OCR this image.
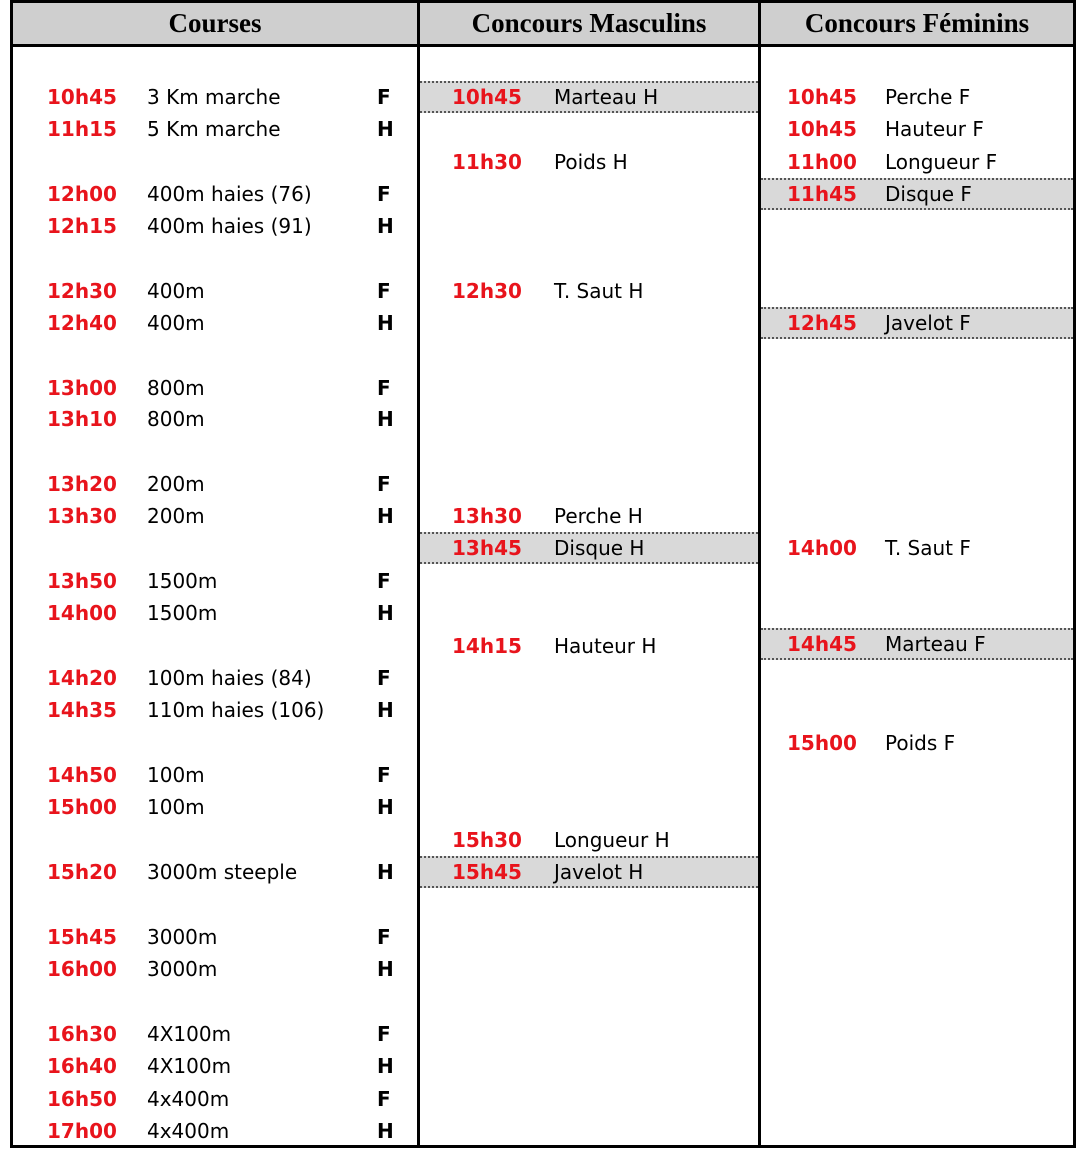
Courses
10h45 3 Km marche	F
11h15 5 Km marche	H
12h00 400m haies (76)	F
12h15 400m haies (91)	H
12h30 400m	F
12h40 400m	H
13h00 800m	F
13h10 800m	H
13h20 200m	F
13h30 200m	H
13h50 1500m	F
14h00 1500m	H
14h20 100m haies (84)	F
14h35 110m haies (106)	H
14h50 100m	F
15h00 100m	H
15h20 3000m steeple	H
15h45 3000m	F
16h00 3000m	H
16h30 4X100m	F
16h40 4X100m	H
16h50 4x400m	F
17h00 4x400m	H
Concours Masculins
10h45 Marteau H
11h30 Poids H
12h30 T. Saut H
13h30 Perche H
13h45 Disque H
14h15 Hauteur H
15h30 Longueur H
15h45 Javelot H
Concours Féminins
10h45 Perche F
10h45 Hauteur F
11h00 Longueur F
11h45 Disque F
12h45 Javelot F
14h00 T. Saut F
14h45 Marteau F
15h00 Poids F
